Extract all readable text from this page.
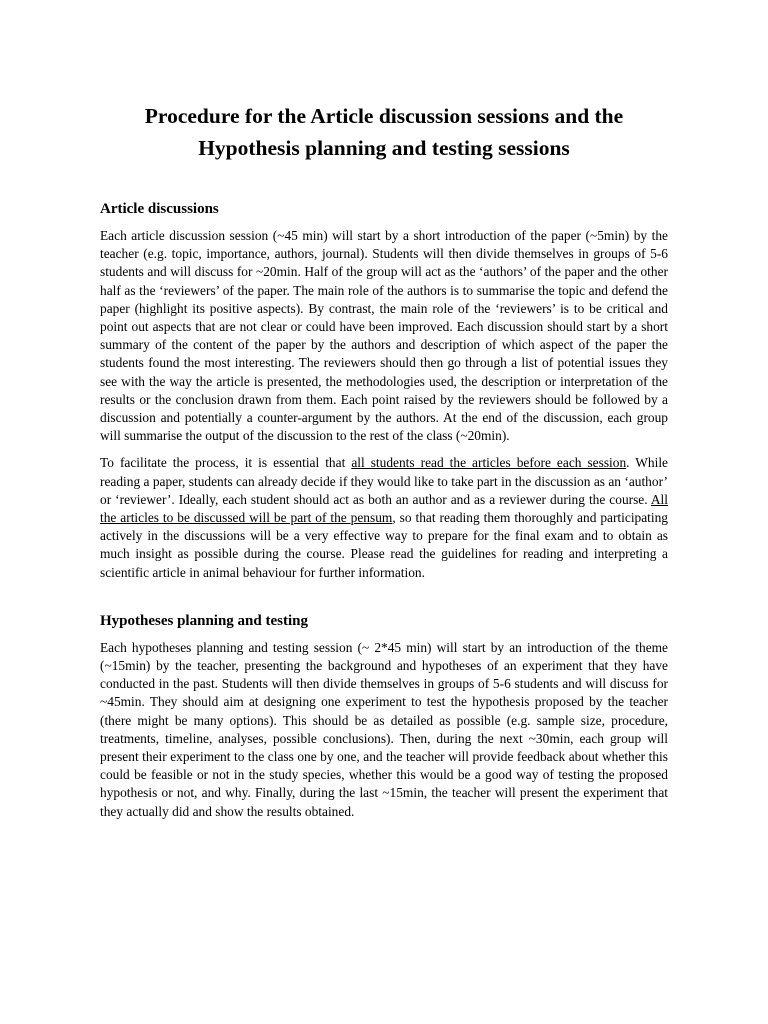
Procedure for the Article discussion sessions and the
Hypothesis planning and testing sessions
Article discussions

Each article discussion session (~45 min) will start by a short introduction of the paper (~5min) by the teacher (e.g. topic, importance, authors, journal). Students will then divide themselves in groups of 5-6 students and will discuss for ~20min. Half of the group will act as the ‘authors’ of the paper and the other half as the ‘reviewers’ of the paper. The main role of the authors is to summarise the topic and defend the paper (highlight its positive aspects). By contrast, the main role of the ‘reviewers’ is to be critical and point out aspects that are not clear or could have been improved. Each discussion should start by a short summary of the content of the paper by the authors and description of which aspect of the paper the students found the most interesting. The reviewers should then go through a list of potential issues they see with the way the article is presented, the methodologies used, the description or interpretation of the results or the conclusion drawn from them. Each point raised by the reviewers should be followed by a discussion and potentially a counter-argument by the authors. At the end of the discussion, each group will summarise the output of the discussion to the rest of the class (~20min).

To facilitate the process, it is essential that all students read the articles before each session. While reading a paper, students can already decide if they would like to take part in the discussion as an ‘author’ or ‘reviewer’. Ideally, each student should act as both an author and as a reviewer during the course. All the articles to be discussed will be part of the pensum, so that reading them thoroughly and participating actively in the discussions will be a very effective way to prepare for the final exam and to obtain as much insight as possible during the course. Please read the guidelines for reading and interpreting a scientific article in animal behaviour for further information.

Hypotheses planning and testing

Each hypotheses planning and testing session (~ 2*45 min) will start by an introduction of the theme (~15min) by the teacher, presenting the background and hypotheses of an experiment that they have conducted in the past. Students will then divide themselves in groups of 5-6 students and will discuss for ~45min. They should aim at designing one experiment to test the hypothesis proposed by the teacher (there might be many options). This should be as detailed as possible (e.g. sample size, procedure, treatments, timeline, analyses, possible conclusions). Then, during the next ~30min, each group will present their experiment to the class one by one, and the teacher will provide feedback about whether this could be feasible or not in the study species, whether this would be a good way of testing the proposed hypothesis or not, and why. Finally, during the last ~15min, the teacher will present the experiment that they actually did and show the results obtained.
